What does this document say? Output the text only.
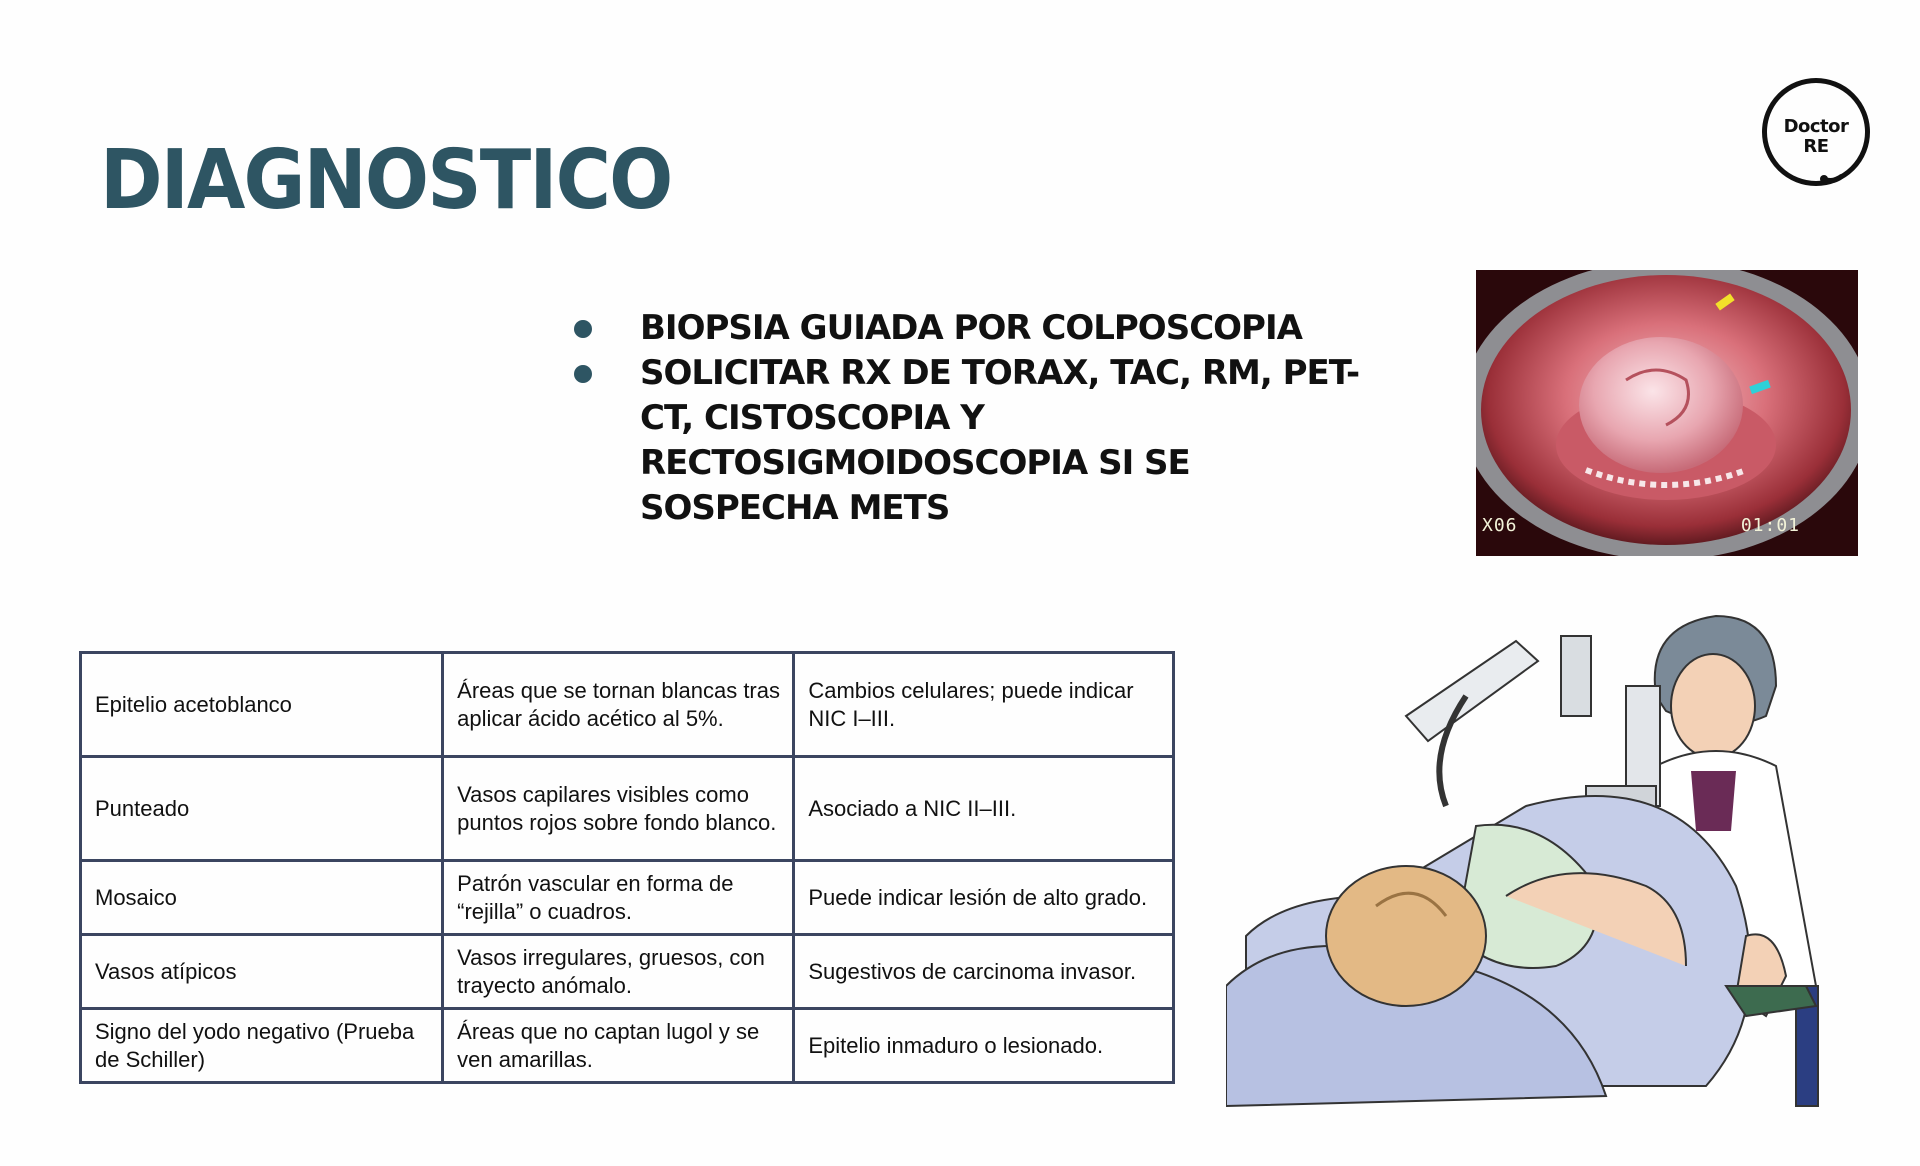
DIAGNOSTICO
Doctor
RE
BIOPSIA GUIADA POR COLPOSCOPIA
SOLICITAR RX DE TORAX, TAC, RM, PET-CT, CISTOSCOPIA Y RECTOSIGMOIDOSCOPIA SI SE SOSPECHA METS	X06	01:01
Epitelio acetoblanco	Áreas que se tornan blancas tras aplicar ácido acético al 5%.	Cambios celulares; puede indicar NIC I–III.
Punteado	Vasos capilares visibles como puntos rojos sobre fondo blanco.	Asociado a NIC II–III.
Mosaico	Patrón vascular en forma de “rejilla” o cuadros.	Puede indicar lesión de alto grado.
Vasos atípicos	Vasos irregulares, gruesos, con trayecto anómalo.	Sugestivos de carcinoma invasor.
Signo del yodo negativo (Prueba de Schiller)	Áreas que no captan lugol y se ven amarillas.	Epitelio inmaduro o lesionado.
